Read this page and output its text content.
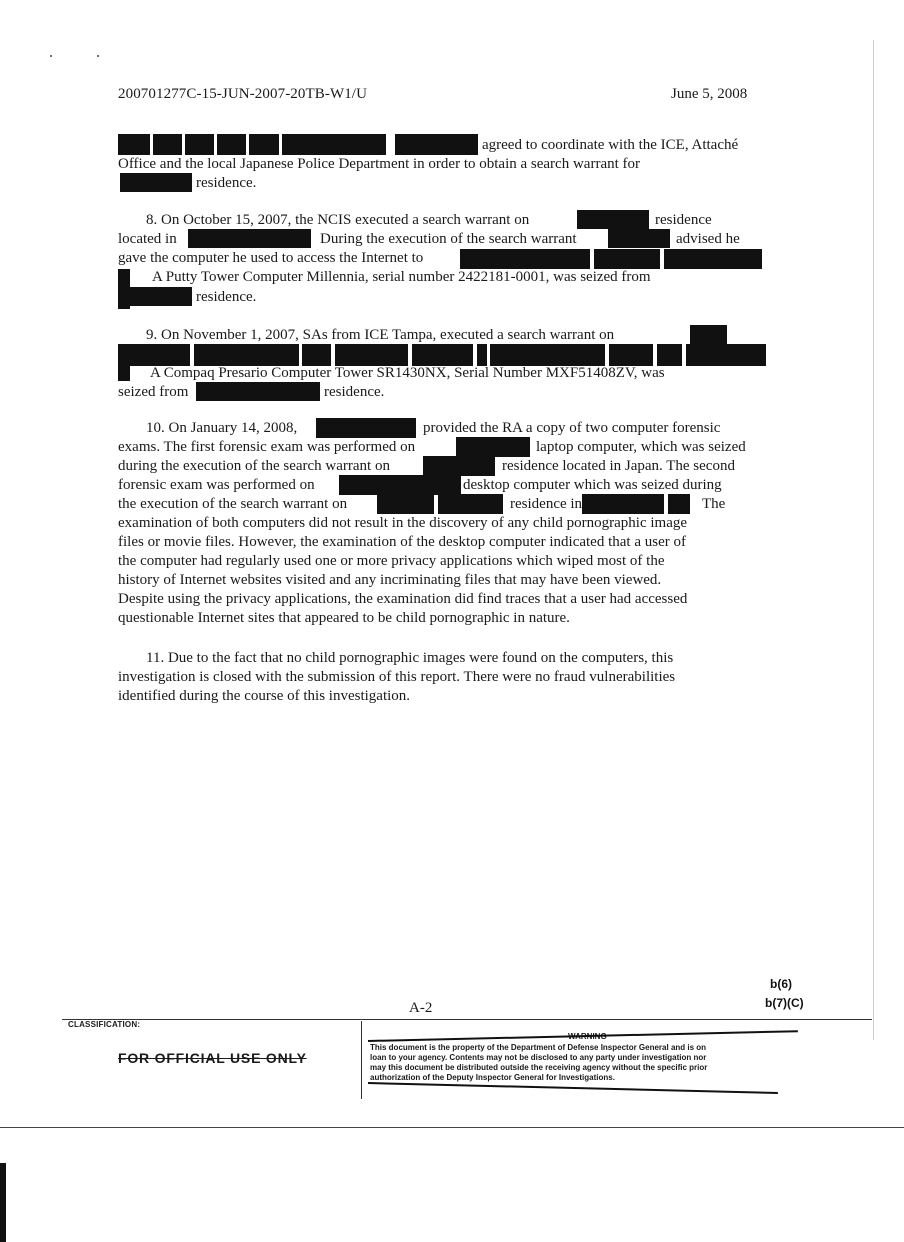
200701277C-15-JUN-2007-20TB-W1/U	June 5, 2008
agreed to coordinate with the ICE, Attaché
Office and the local Japanese Police Department in order to obtain a search warrant for
residence.
8. On October 15, 2007, the NCIS executed a search warrant on	residence
located in	During the execution of the search warrant	advised he
gave the computer he used to access the Internet to
A Putty Tower Computer Millennia, serial number 2422181-0001, was seized from
residence.
9. On November 1, 2007, SAs from ICE Tampa, executed a search warrant on
A Compaq Presario Computer Tower SR1430NX, Serial Number MXF51408ZV, was
seized from	residence.
10. On January 14, 2008,	provided the RA a copy of two computer forensic
exams. The first forensic exam was performed on	laptop computer, which was seized
during the execution of the search warrant on	residence located in Japan. The second
forensic exam was performed on	desktop computer which was seized during
the execution of the search warrant on	residence in	The
examination of both computers did not result in the discovery of any child pornographic image
files or movie files. However, the examination of the desktop computer indicated that a user of
the computer had regularly used one or more privacy applications which wiped most of the
history of Internet websites visited and any incriminating files that may have been viewed.
Despite using the privacy applications, the examination did find traces that a user had accessed
questionable Internet sites that appeared to be child pornographic in nature.
11. Due to the fact that no child pornographic images were found on the computers, this
investigation is closed with the submission of this report. There were no fraud vulnerabilities
identified during the course of this investigation.
b(6)
b(7)(C)
A-2
CLASSIFICATION:
FOR OFFICIAL USE ONLY
This document is the property of the Department of Defense Inspector General and is on
loan to your agency. Contents may not be disclosed to any party under investigation nor
may this document be distributed outside the receiving agency without the specific prior
authorization of the Deputy Inspector General for Investigations.
